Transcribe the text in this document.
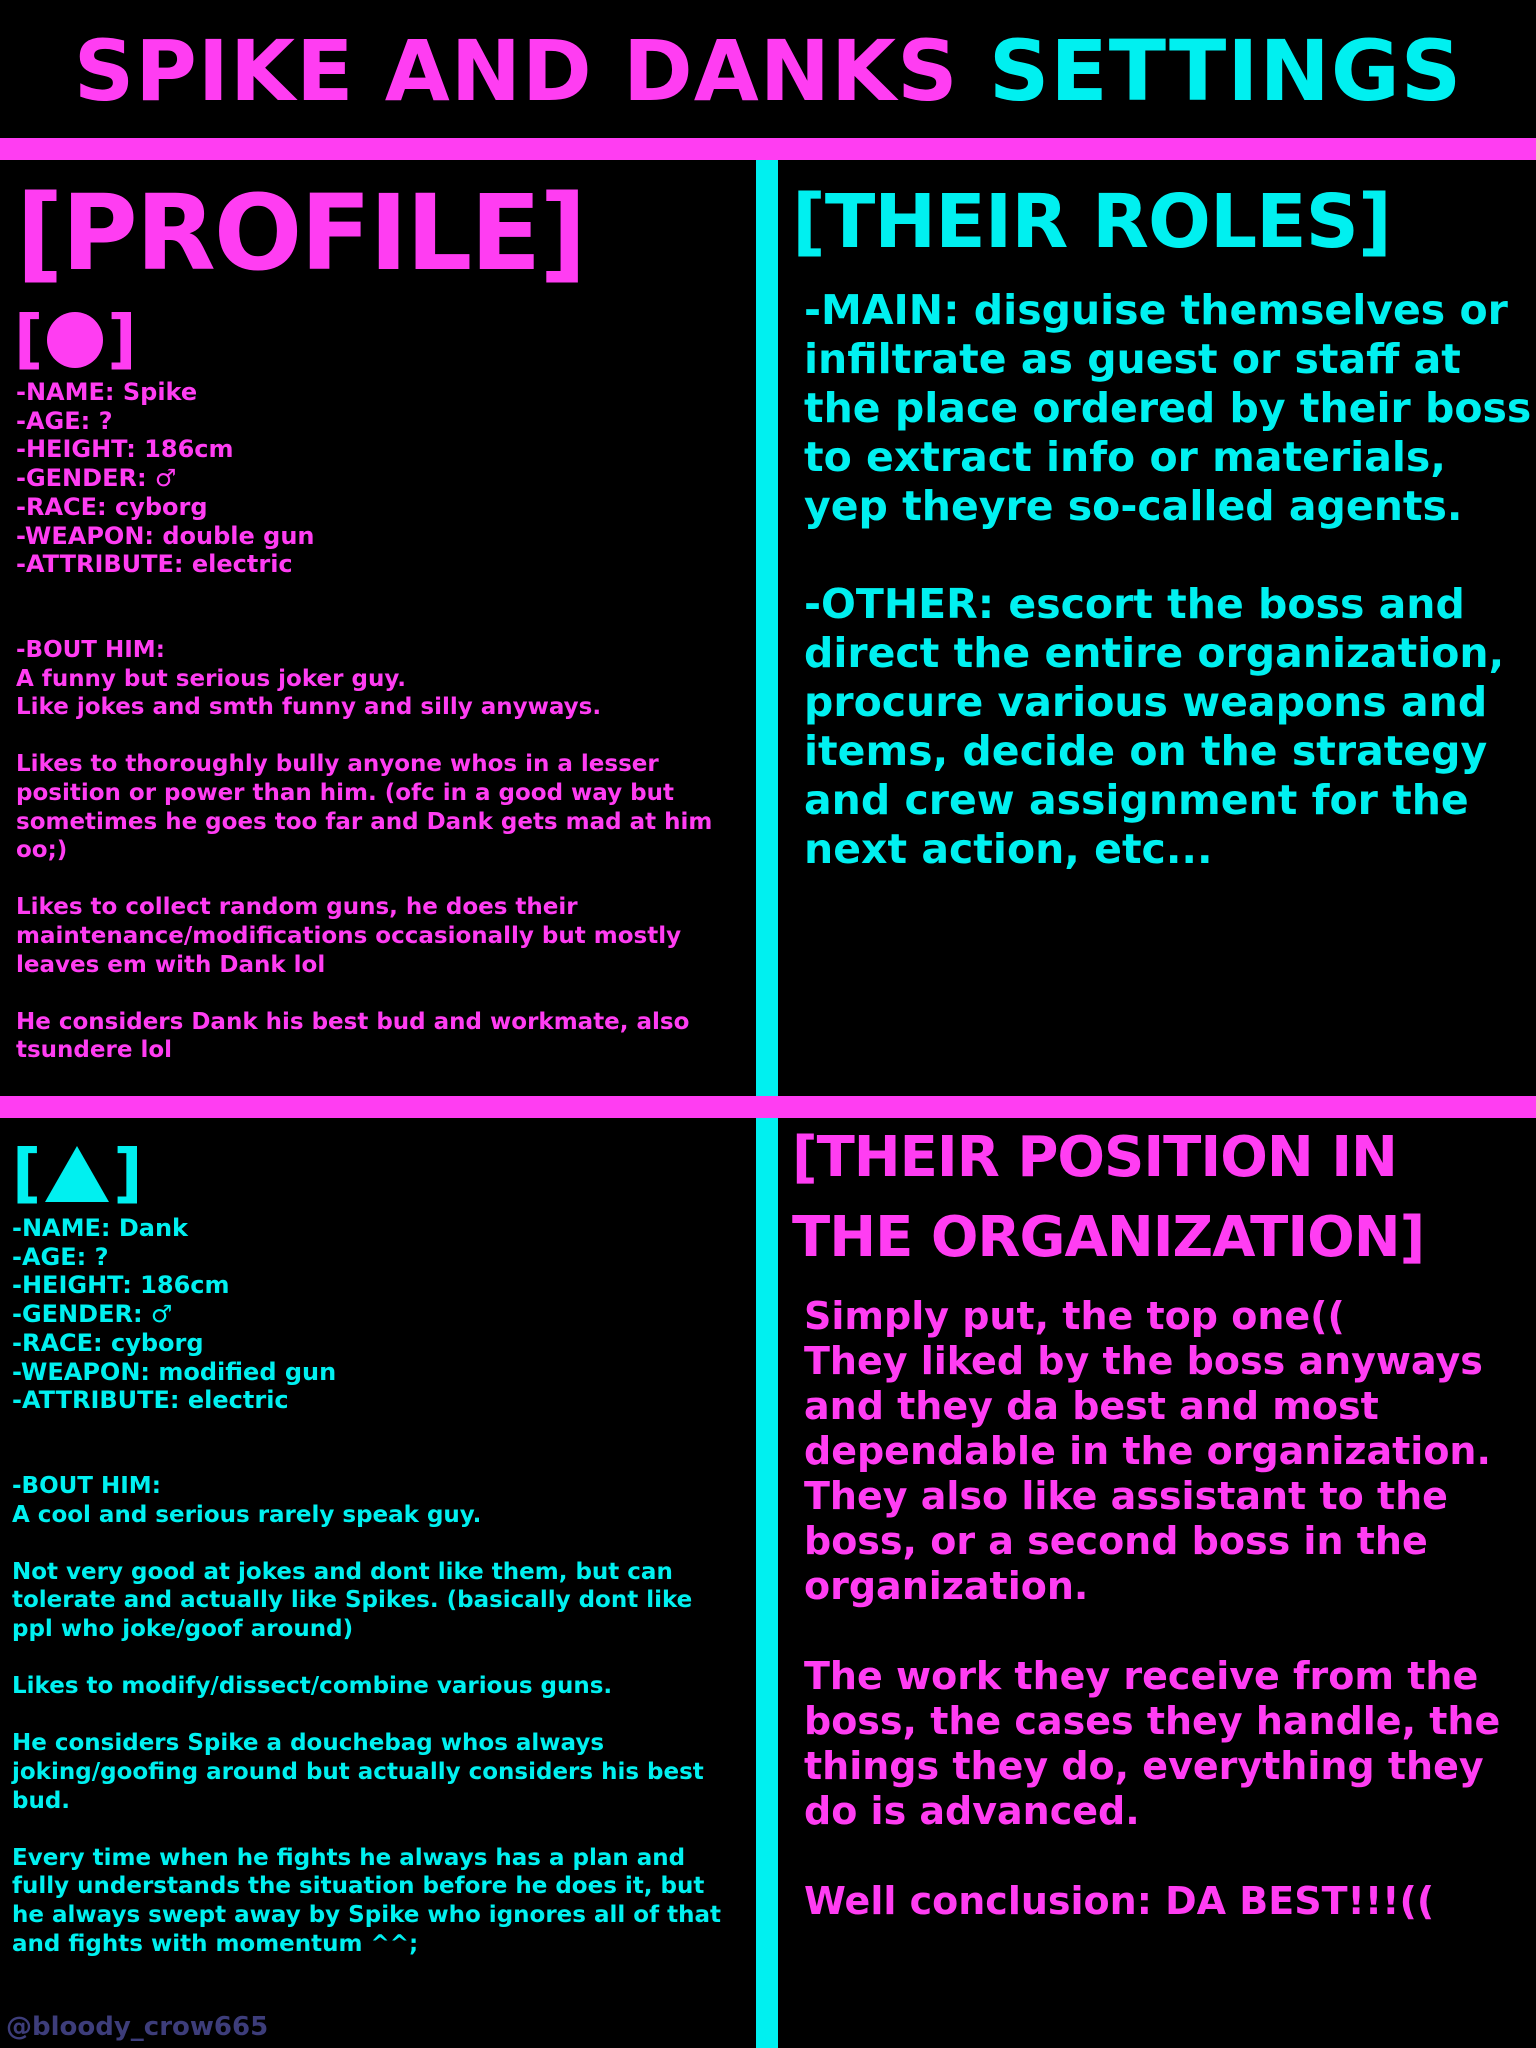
SPIKE AND DANKS SETTINGS
[PROFILE]
[ ]
-NAME: Spike
-AGE: ?
-HEIGHT: 186cm
-GENDER: ♂
-RACE: cyborg
-WEAPON: double gun
-ATTRIBUTE: electric

-BOUT HIM:
A funny but serious joker guy.
Like jokes and smth funny and silly anyways.

Likes to thoroughly bully anyone whos in a lesser position or power than him. (ofc in a good way but sometimes he goes too far and Dank gets mad at him oo;)

Likes to collect random guns, he does their maintenance/modifications occasionally but mostly leaves em with Dank lol

He considers Dank his best bud and workmate, also tsundere lol

[THEIR ROLES]

-MAIN: disguise themselves or infiltrate as guest or staff at the place ordered by their boss to extract info or materials, yep theyre so-called agents.

-OTHER: escort the boss and direct the entire organization, procure various weapons and items, decide on the strategy and crew assignment for the next action, etc...

[ ]
-NAME: Dank
-AGE: ?
-HEIGHT: 186cm
-GENDER: ♂
-RACE: cyborg
-WEAPON: modified gun
-ATTRIBUTE: electric

-BOUT HIM:
A cool and serious rarely speak guy.

Not very good at jokes and dont like them, but can tolerate and actually like Spikes. (basically dont like ppl who joke/goof around)

Likes to modify/dissect/combine various guns.

He considers Spike a douchebag whos always joking/goofing around but actually considers his best bud.

Every time when he fights he always has a plan and fully understands the situation before he does it, but he always swept away by Spike who ignores all of that and fights with momentum ^^;

[THEIR POSITION IN THE ORGANIZATION]

Simply put, the top one((
They liked by the boss anyways and they da best and most dependable in the organization.
They also like assistant to the boss, or a second boss in the organization.

The work they receive from the boss, the cases they handle, the things they do, everything they do is advanced.

Well conclusion: DA BEST!!!((

@bloody_crow665
